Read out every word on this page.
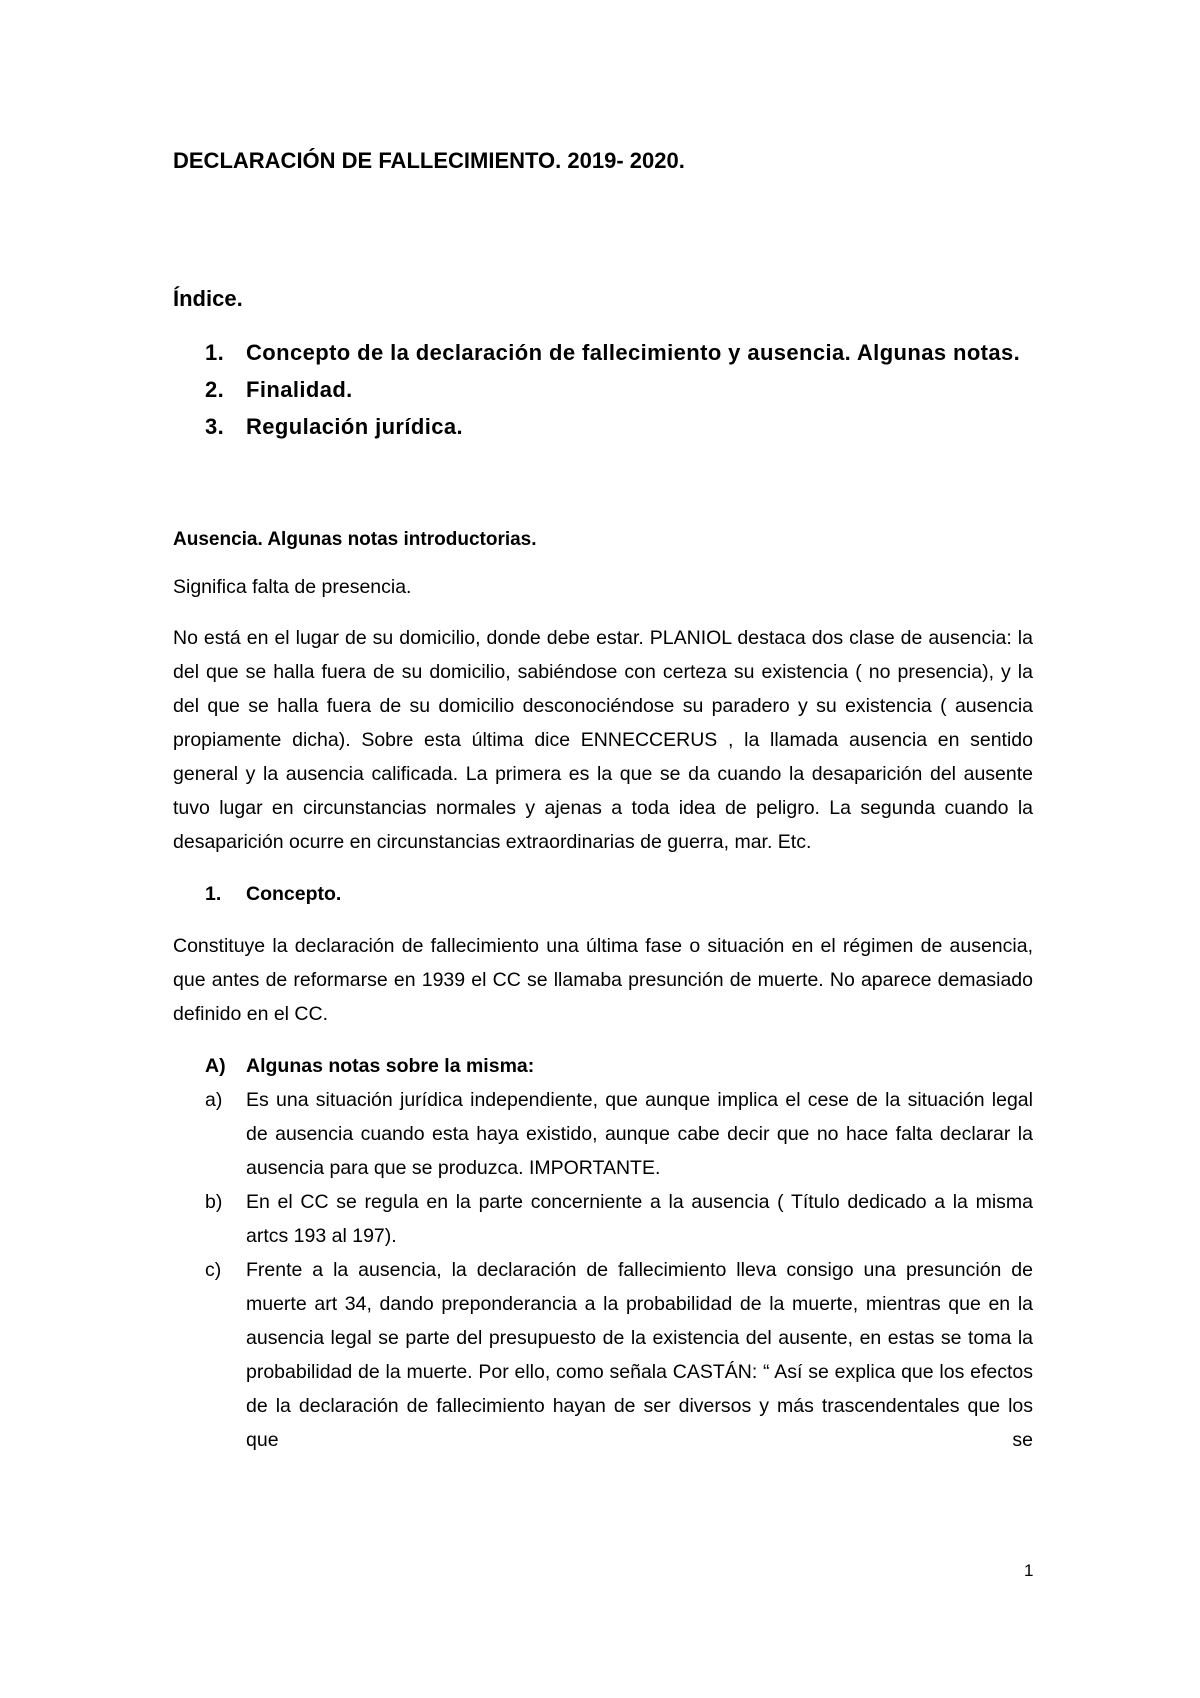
DECLARACIÓN DE FALLECIMIENTO. 2019- 2020.

Índice.

1. Concepto de la declaración de fallecimiento y ausencia. Algunas notas.
2. Finalidad.
3. Regulación jurídica.

Ausencia. Algunas notas introductorias.

Significa falta de presencia.

No está en el lugar de su domicilio, donde debe estar. PLANIOL destaca dos clase de ausencia: la del que se halla fuera de su domicilio, sabiéndose con certeza su existencia ( no presencia), y la del que se halla fuera de su domicilio desconociéndose su paradero y su existencia ( ausencia propiamente dicha). Sobre esta última dice ENNECCERUS , la llamada ausencia en sentido general y la ausencia calificada. La primera es la que se da cuando la desaparición del ausente tuvo lugar en circunstancias normales y ajenas a toda idea de peligro. La segunda cuando la desaparición ocurre en circunstancias extraordinarias de guerra, mar. Etc.

1.	Concepto.

Constituye la declaración de fallecimiento una última fase o situación en el régimen de ausencia, que antes de reformarse en 1939 el CC se llamaba presunción de muerte. No aparece demasiado definido en el CC.

A)	Algunas notas sobre la misma:
a)	Es una situación jurídica independiente, que aunque implica el cese de la situación legal de ausencia cuando esta haya existido, aunque cabe decir que no hace falta declarar la ausencia para que se produzca. IMPORTANTE.
b)	En el CC se regula en la parte concerniente a la ausencia ( Título dedicado a la misma artcs 193 al 197).
c)	Frente a la ausencia, la declaración de fallecimiento lleva consigo una presunción de muerte art 34, dando preponderancia a la probabilidad de la muerte, mientras que en la ausencia legal se parte del presupuesto de la existencia del ausente, en estas se toma la probabilidad de la muerte. Por ello, como señala CASTÁN: “ Así se explica que los efectos de la declaración de fallecimiento hayan de ser diversos y más trascendentales que los que se
1
